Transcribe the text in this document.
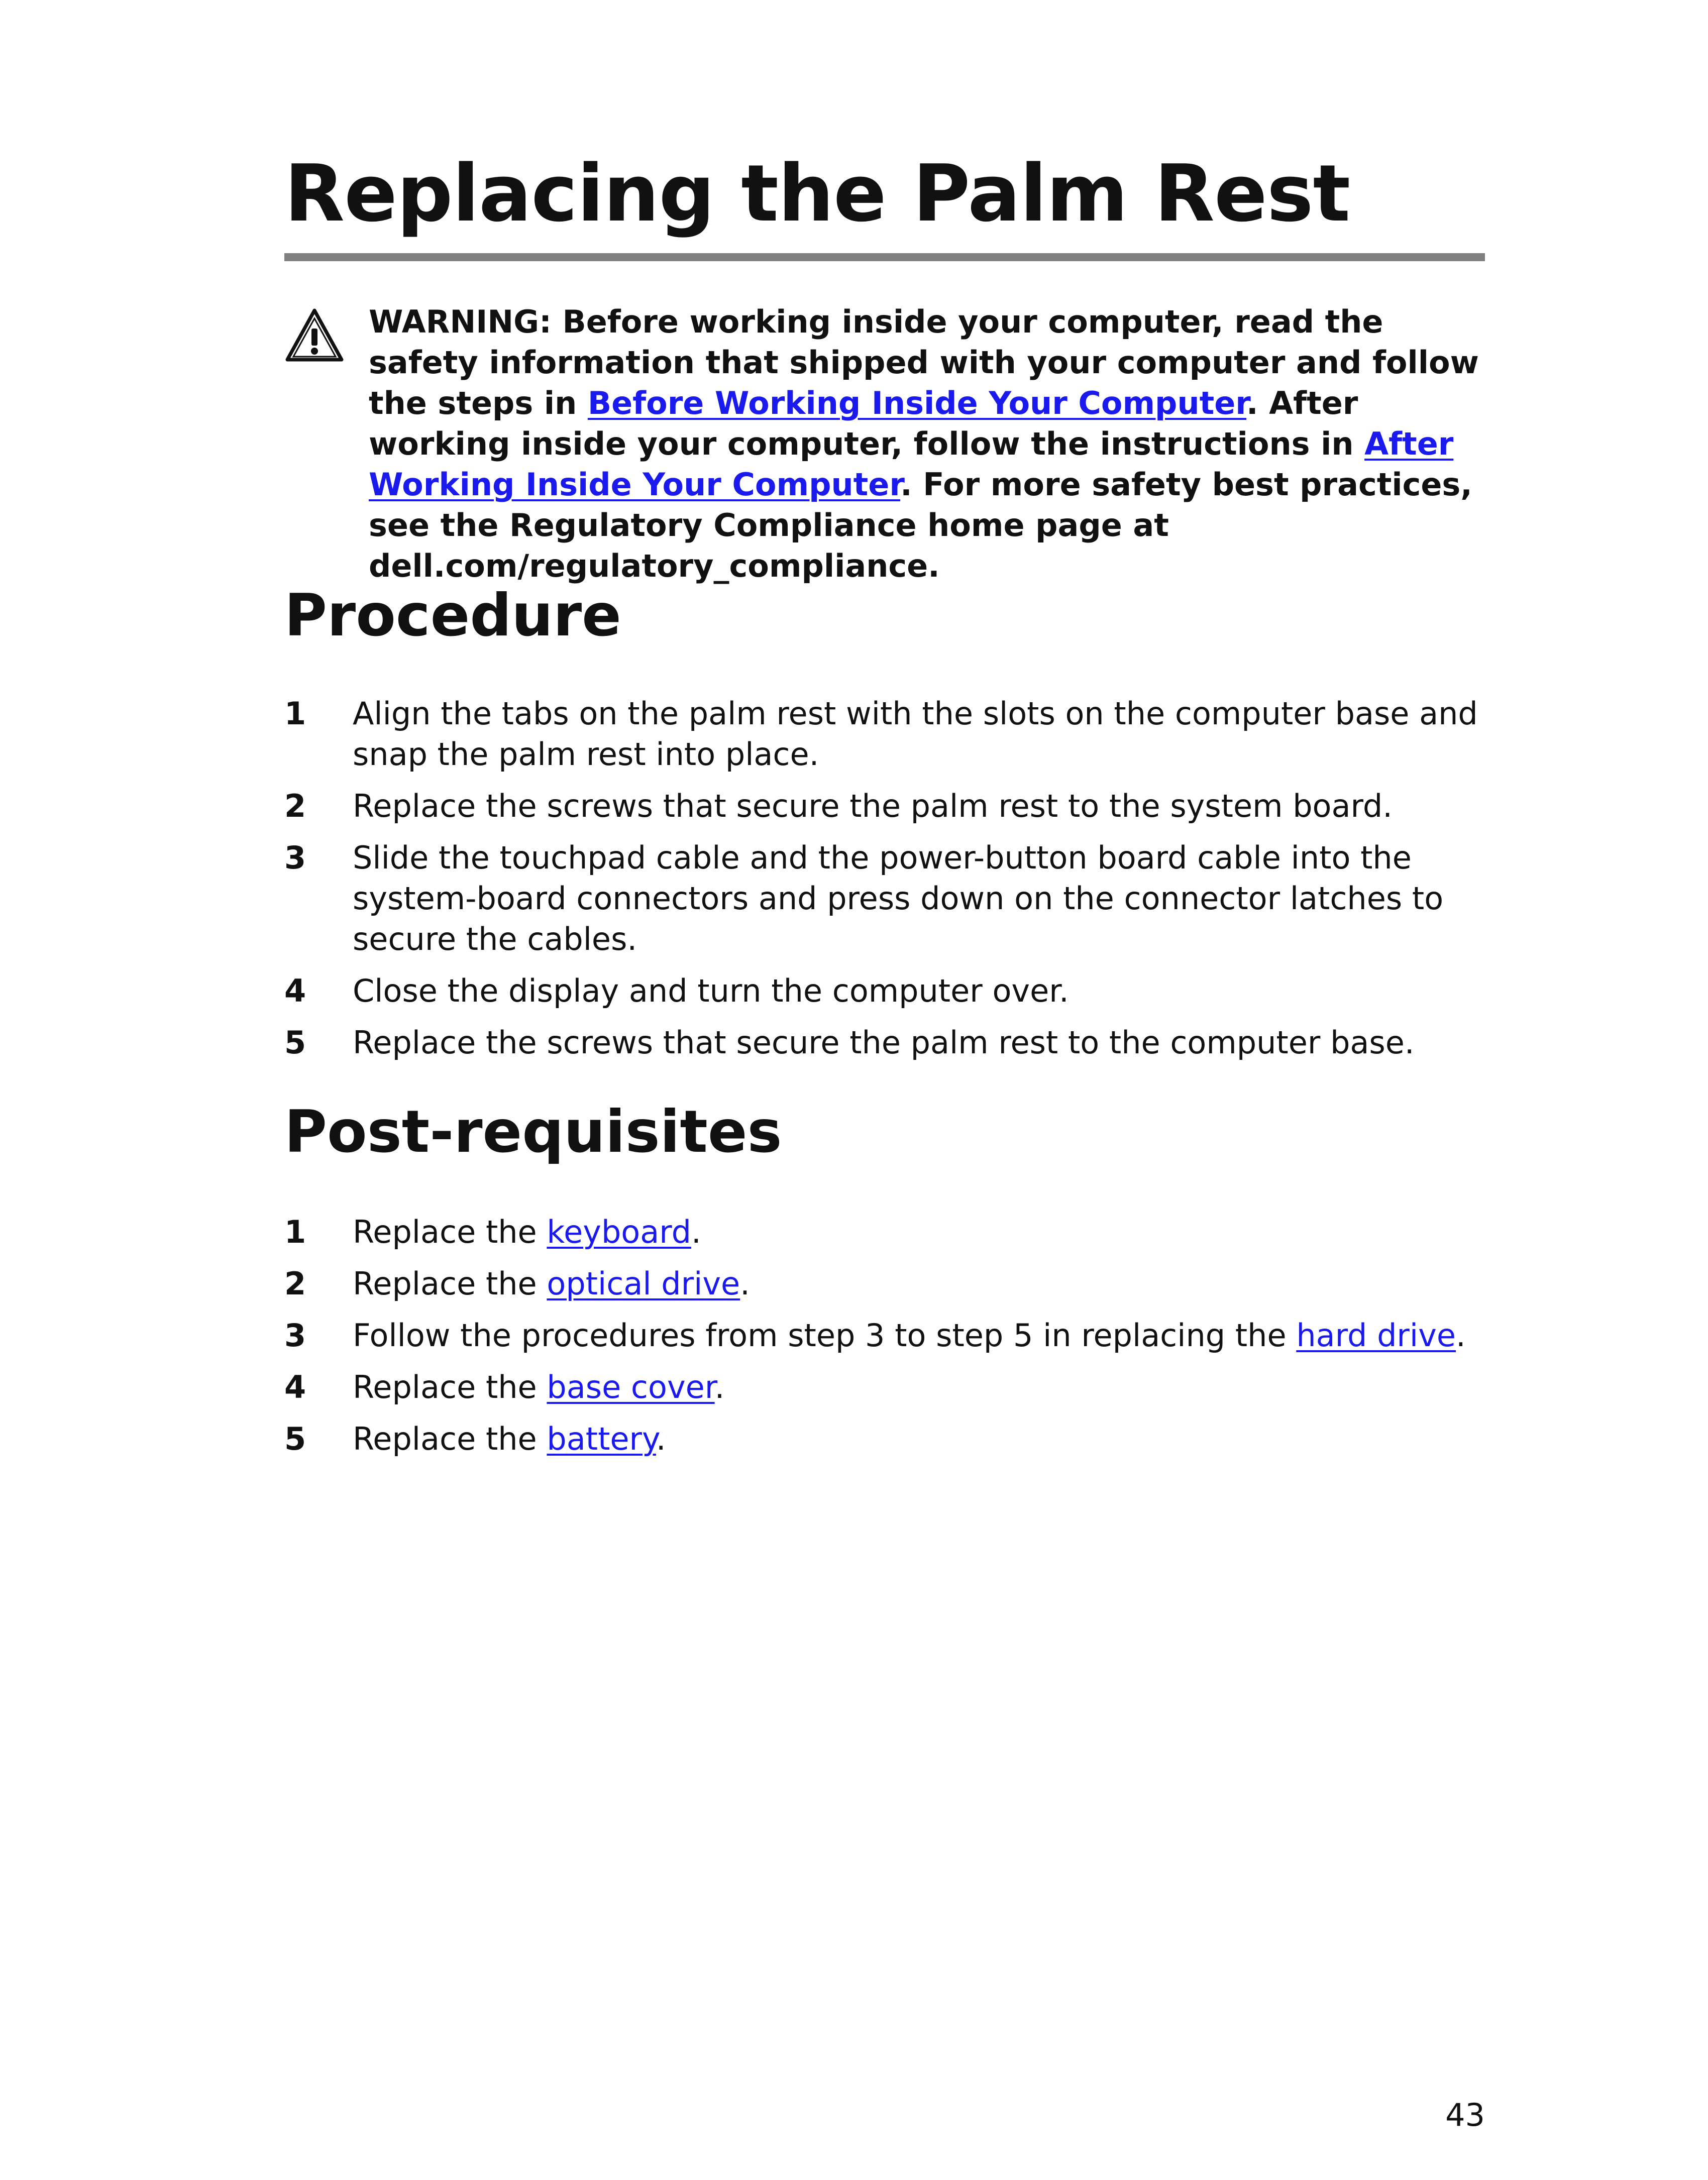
Replacing the Palm Rest

WARNING: Before working inside your computer, read the safety information that shipped with your computer and follow the steps in Before Working Inside Your Computer. After working inside your computer, follow the instructions in After Working Inside Your Computer. For more safety best practices, see the Regulatory Compliance home page at dell.com/regulatory_compliance.

Procedure
1 Align the tabs on the palm rest with the slots on the computer base and snap the palm rest into place.
2 Replace the screws that secure the palm rest to the system board.
3 Slide the touchpad cable and the power-button board cable into the system-board connectors and press down on the connector latches to secure the cables.
4 Close the display and turn the computer over.
5 Replace the screws that secure the palm rest to the computer base.
Post-requisites
1 Replace the keyboard.
2 Replace the optical drive.
3 Follow the procedures from step 3 to step 5 in replacing the hard drive.
4 Replace the base cover.
5 Replace the battery.
43
